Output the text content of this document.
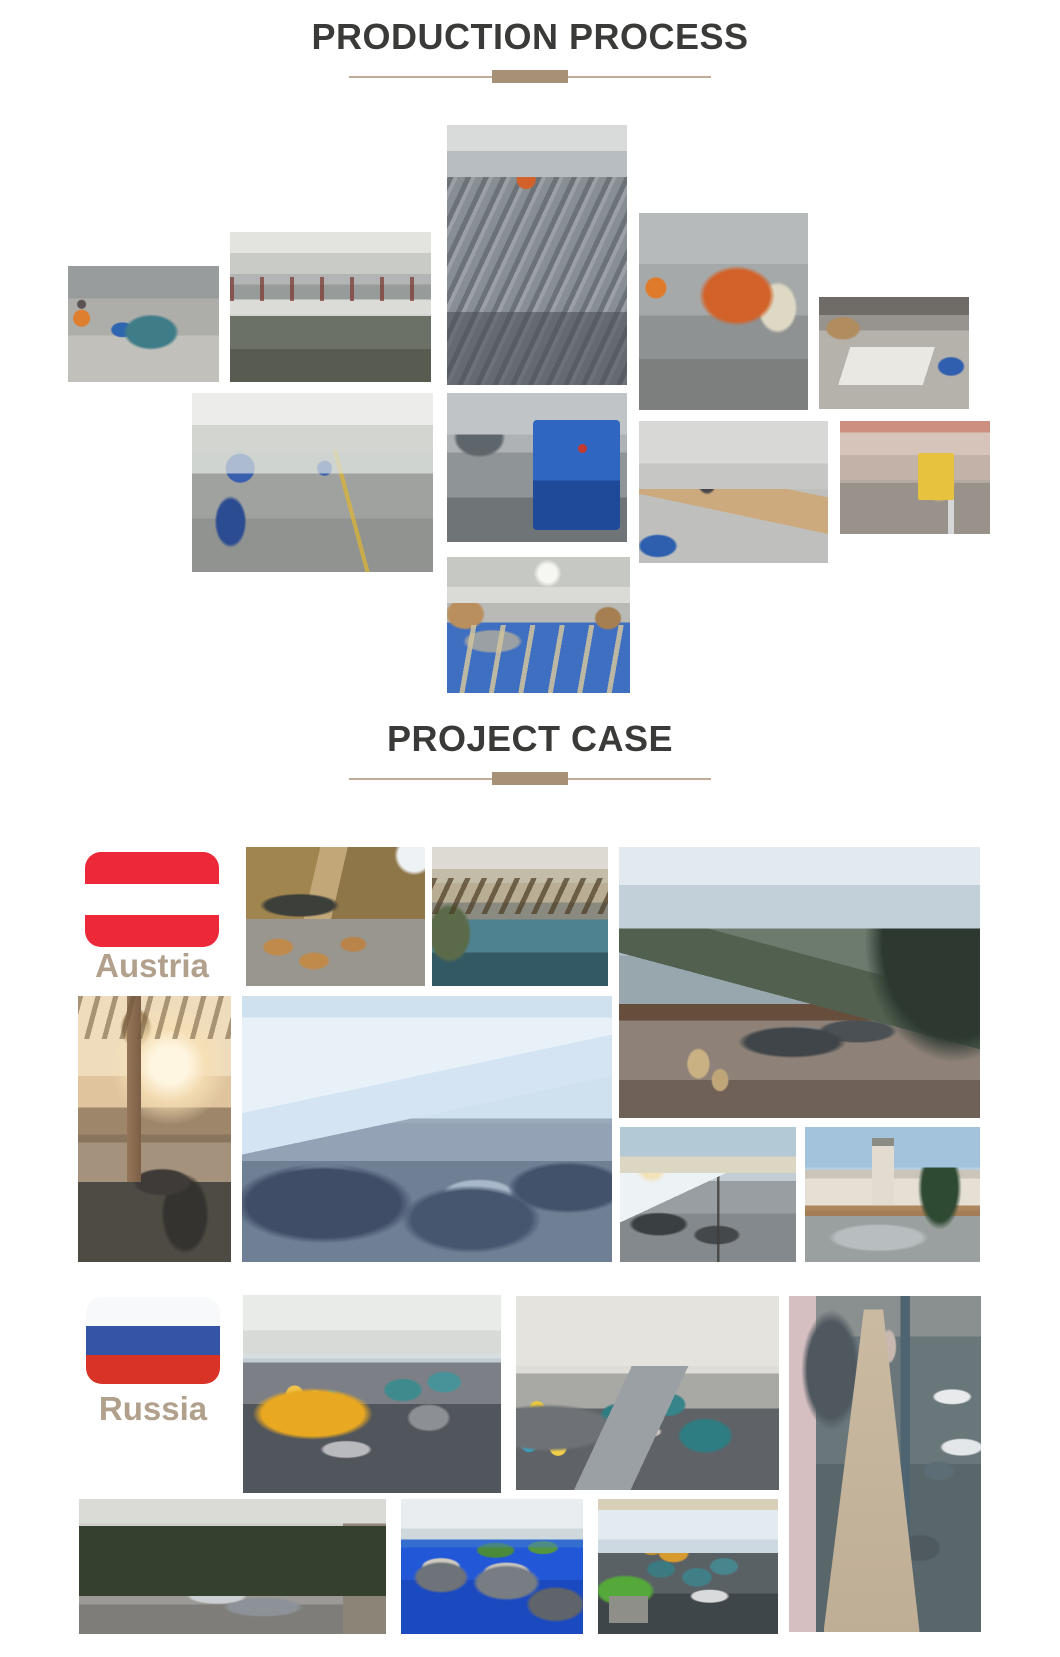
PRODUCTION PROCESS
PROJECT CASE
Austria
Russia
